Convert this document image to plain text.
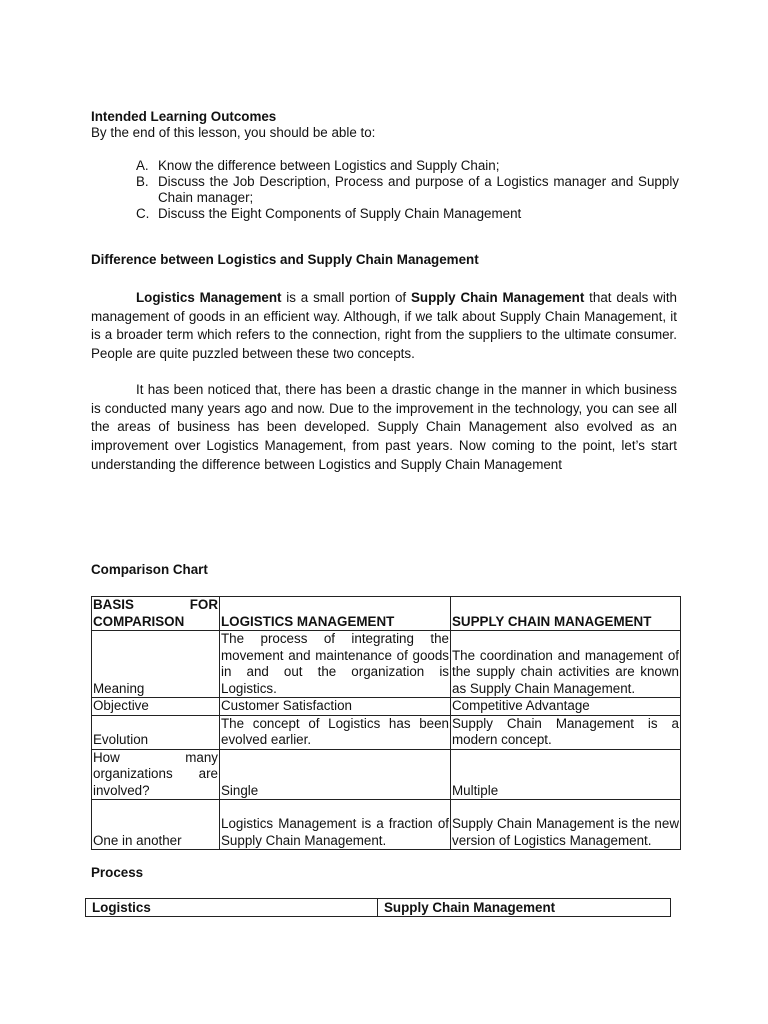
Intended Learning Outcomes
By the end of this lesson, you should be able to:
A. Know the difference between Logistics and Supply Chain;
B. Discuss the Job Description, Process and purpose of a Logistics manager and Supply Chain manager;
C. Discuss the Eight Components of Supply Chain Management
Difference between Logistics and Supply Chain Management

Logistics Management is a small portion of Supply Chain Management that deals with management of goods in an efficient way. Although, if we talk about Supply Chain Management, it is a broader term which refers to the connection, right from the suppliers to the ultimate consumer. People are quite puzzled between these two concepts.

It has been noticed that, there has been a drastic change in the manner in which business is conducted many years ago and now. Due to the improvement in the technology, you can see all the areas of business has been developed. Supply Chain Management also evolved as an improvement over Logistics Management, from past years. Now coming to the point, let’s start understanding the difference between Logistics and Supply Chain Management

Comparison Chart
BASIS FOR COMPARISON	LOGISTICS MANAGEMENT	SUPPLY CHAIN MANAGEMENT
Meaning	The process of integrating the movement and maintenance of goods in and out the organization is Logistics.	The coordination and management of the supply chain activities are known as Supply Chain Management.
Objective	Customer Satisfaction	Competitive Advantage
Evolution	The concept of Logistics has been evolved earlier.	Supply Chain Management is a modern concept.
How many organizations are involved?	Single	Multiple
One in another	Logistics Management is a fraction of Supply Chain Management.	Supply Chain Management is the new version of Logistics Management.
Process
Logistics	Supply Chain Management
